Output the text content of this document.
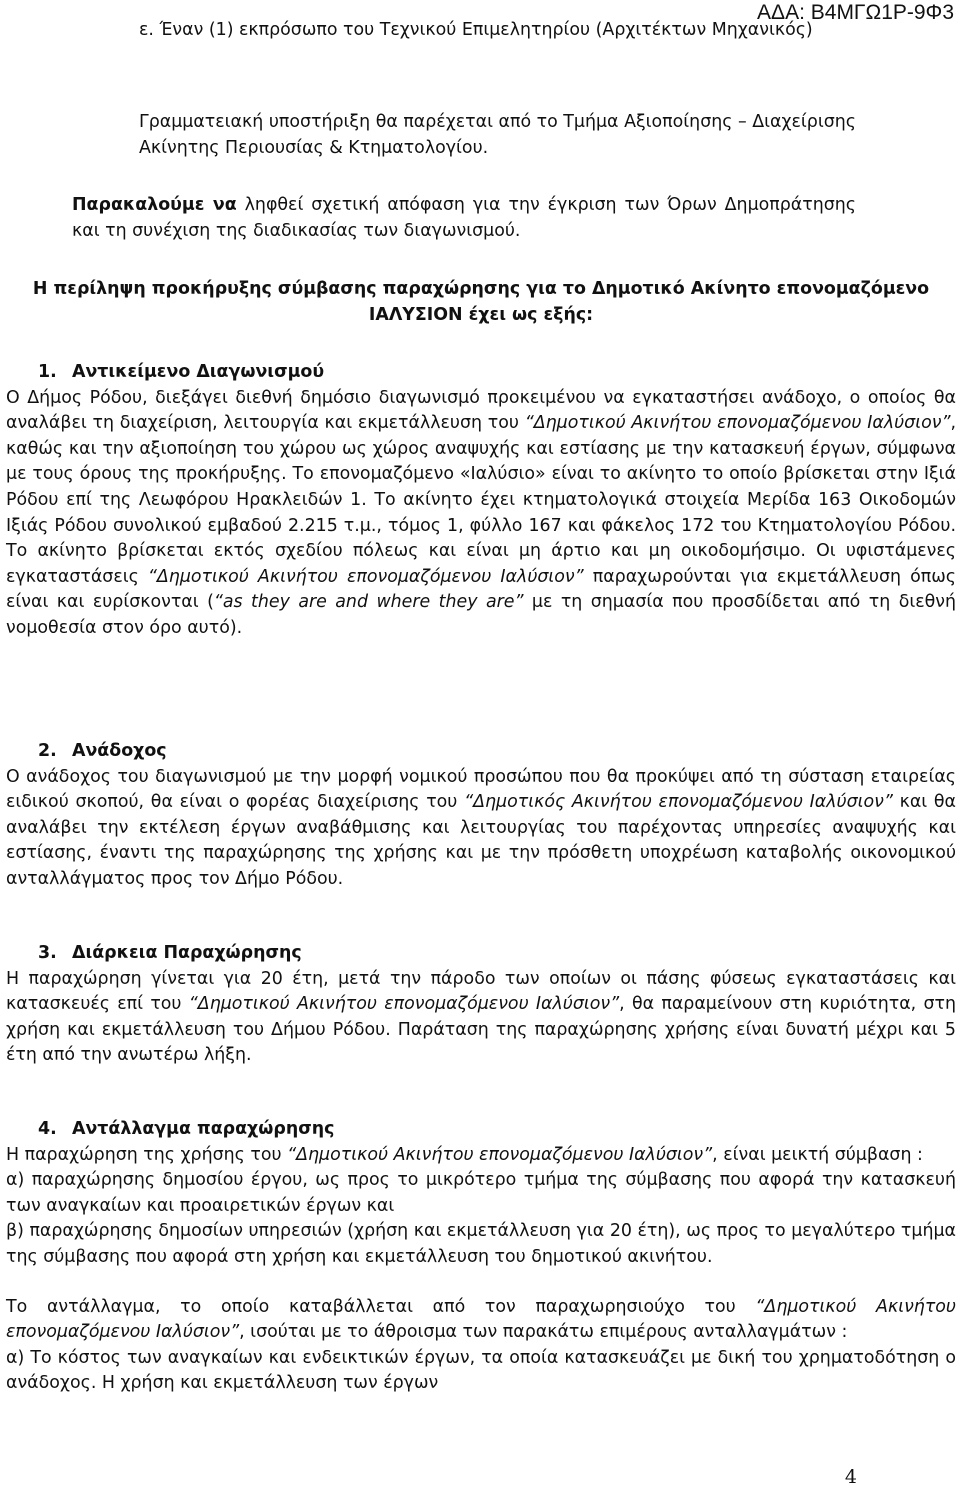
ΑΔΑ: Β4ΜΓΩ1Ρ-9Φ3

ε. Έναν (1) εκπρόσωπο του Τεχνικού Επιμελητηρίου (Αρχιτέκτων Μηχανικός)

Γραμματειακή υποστήριξη θα παρέχεται από το Τμήμα Αξιοποίησης – Διαχείρισης Ακίνητης Περιουσίας & Κτηματολογίου.

Παρακαλούμε να ληφθεί σχετική απόφαση για την έγκριση των Όρων Δημοπράτησης και τη συνέχιση της διαδικασίας των διαγωνισμού.

Η περίληψη προκήρυξης σύμβασης παραχώρησης για το Δημοτικό Ακίνητο επονομαζόμενο ΙΑΛΥΣΙΟΝ έχει ως εξής:

1. Αντικείμενο Διαγωνισμού

Ο Δήμος Ρόδου, διεξάγει διεθνή δημόσιο διαγωνισμό προκειμένου να εγκαταστήσει ανάδοχο, ο οποίος θα αναλάβει τη διαχείριση, λειτουργία και εκμετάλλευση του “Δημοτικού Ακινήτου επονομαζόμενου Ιαλύσιον”, καθώς και την αξιοποίηση του χώρου ως χώρος αναψυχής και εστίασης με την κατασκευή έργων, σύμφωνα με τους όρους της προκήρυξης. Το επονομαζόμενο «Ιαλύσιο» είναι το ακίνητο το οποίο βρίσκεται στην Ιξιά Ρόδου επί της Λεωφόρου Ηρακλειδών 1. Το ακίνητο έχει κτηματολογικά στοιχεία Μερίδα 163 Οικοδομών Ιξιάς Ρόδου συνολικού εμβαδού 2.215 τ.μ., τόμος 1, φύλλο 167 και φάκελος 172 του Κτηματολογίου Ρόδου. Το ακίνητο βρίσκεται εκτός σχεδίου πόλεως και είναι μη άρτιο και μη οικοδομήσιμο. Οι υφιστάμενες εγκαταστάσεις “Δημοτικού Ακινήτου επονομαζόμενου Ιαλύσιον” παραχωρούνται για εκμετάλλευση όπως είναι και ευρίσκονται (“as they are and where they are” με τη σημασία που προσδίδεται από τη διεθνή νομοθεσία στον όρο αυτό).

2. Ανάδοχος

Ο ανάδοχος του διαγωνισμού με την μορφή νομικού προσώπου που θα προκύψει από τη σύσταση εταιρείας ειδικού σκοπού, θα είναι ο φορέας διαχείρισης του “Δημοτικός Ακινήτου επονομαζόμενου Ιαλύσιον” και θα αναλάβει την εκτέλεση έργων αναβάθμισης και λειτουργίας του παρέχοντας υπηρεσίες αναψυχής και εστίασης, έναντι της παραχώρησης της χρήσης και με την πρόσθετη υποχρέωση καταβολής οικονομικού ανταλλάγματος προς τον Δήμο Ρόδου.

3. Διάρκεια Παραχώρησης

Η παραχώρηση γίνεται για 20 έτη, μετά την πάροδο των οποίων οι πάσης φύσεως εγκαταστάσεις και κατασκευές επί του “Δημοτικού Ακινήτου επονομαζόμενου Ιαλύσιον”, θα παραμείνουν στη κυριότητα, στη χρήση και εκμετάλλευση του Δήμου Ρόδου. Παράταση της παραχώρησης χρήσης είναι δυνατή μέχρι και 5 έτη από την ανωτέρω λήξη.

4. Αντάλλαγμα παραχώρησης

Η παραχώρηση της χρήσης του “Δημοτικού Ακινήτου επονομαζόμενου Ιαλύσιον”, είναι μεικτή σύμβαση :

α) παραχώρησης δημοσίου έργου, ως προς το μικρότερο τμήμα της σύμβασης που αφορά την κατασκευή των αναγκαίων και προαιρετικών έργων και

β) παραχώρησης δημοσίων υπηρεσιών (χρήση και εκμετάλλευση για 20 έτη), ως προς το μεγαλύτερο τμήμα της σύμβασης που αφορά στη χρήση και εκμετάλλευση του δημοτικού ακινήτου.

Το αντάλλαγμα, το οποίο καταβάλλεται από τον παραχωρησιούχο του “Δημοτικού Ακινήτου επονομαζόμενου Ιαλύσιον”, ισούται με το άθροισμα των παρακάτω επιμέρους ανταλλαγμάτων :

α) Το κόστος των αναγκαίων και ενδεικτικών έργων, τα οποία κατασκευάζει με δική του χρηματοδότηση ο ανάδοχος. Η χρήση και εκμετάλλευση των έργων

4
